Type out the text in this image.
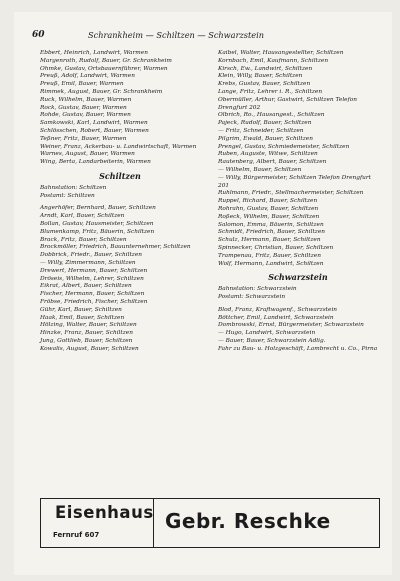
60	Schrankheim — Schiltzen — Schwarzstein
Ebbert, Heinrich, Landwirt, Warmen
Margenroth, Rudolf, Bauer, Gr. Schrankheim
Ohmke, Gustav, Ortsbauernführer, Warmen
Preuß, Adolf, Landwirt, Warmen
Preuß, Emil, Bauer, Warmen
Rimmek, August, Bauer, Gr. Schrankheim
Ruck, Wilhelm, Bauer, Warmen
Rock, Gustav, Bauer, Warmen
Rohde, Gustav, Bauer, Warmen
Samkowski, Karl, Landwirt, Warmen
Schlösschen, Robert, Bauer, Warmen
Teßner, Fritz, Bauer, Warmen
Weiner, Franz, Ackerbau- u. Landwirtschaft, Warmen
Warnes, August, Bauer, Warmen
Wing, Berta, Landarbeiterin, Warmen
Schiltzen
Bahnstation: Schiltzen
Postamt: Schiltzen
Angerhöfer, Bernhard, Bauer, Schiltzen
Arndt, Karl, Bauer, Schiltzen
Bollan, Gustav, Hausmeister, Schiltzen
Blumenkamp, Fritz, Bäuerin, Schiltzen
Brack, Fritz, Bauer, Schiltzen
Brockmöller, Friedrich, Bauunternehmer, Schiltzen
Dobbrick, Friedr., Bauer, Schiltzen
— Willy, Zimmermann, Schiltzen
Drewert, Hermann, Bauer, Schiltzen
Dröseis, Wilhelm, Lehrer, Schiltzen
Eikrat, Albert, Bauer, Schiltzen
Fischer, Hermann, Bauer, Schiltzen
Fröbse, Friedrich, Fischer, Schiltzen
Gühr, Karl, Bauer, Schiltzen
Haak, Emil, Bauer, Schiltzen
Hölzing, Walter, Bauer, Schiltzen
Hinzke, Franz, Bauer, Schiltzen
Jung, Gottlieb, Bauer, Schiltzen
Kowalis, August, Bauer, Schiltzen
Kaibel, Walter, Hausangestellter, Schiltzen
Kornbach, Emil, Kaufmann, Schiltzen
Kirsch, Ew., Landwirt, Schiltzen
Klein, Willy, Bauer, Schiltzen
Krebs, Gustav, Bauer, Schiltzen
Lange, Fritz, Lehrer i. R., Schiltzen
Obermüller, Arthur, Gastwirt, Schiltzen Telefon Drengfurt 202
Olbrich, Ro., Hausangest., Schiltzen
Pajeck, Rudolf, Bauer, Schiltzen
— Fritz, Schneider, Schiltzen
Pilgrim, Ewald, Bauer, Schiltzen
Prengel, Gustav, Schmiedemeister, Schiltzen
Ruben, Auguste, Witwe, Schiltzen
Rautenberg, Albert, Bauer, Schiltzen
— Wilhelm, Bauer, Schiltzen
— Willy, Bürgermeister, Schiltzen Telefon Drengfurt 201
Ruhlmann, Friedr., Stellmachermeister, Schiltzen
Ruppel, Richard, Bauer, Schiltzen
Rohrahn, Gustav, Bauer, Schiltzen
Roßeck, Wilhelm, Bauer, Schiltzen
Salomon, Emma, Bäuerin, Schiltzen
Schmidt, Friedrich, Bauer, Schiltzen
Schulz, Hermann, Bauer, Schiltzen
Spinnecker, Christian, Bauer, Schiltzen
Trampenau, Fritz, Bauer, Schiltzen
Wolf, Hermann, Landwirt, Schiltzen
Schwarzstein
Bahnstation: Schwarzstein
Postamt: Schwarzstein
Blod, Franz, Kraftwagenf., Schwarzstein
Böttcher, Emil, Landwirt, Schwarzstein
Dombrowski, Ernst, Bürgermeister, Schwarzstein
— Hugo, Landwirt, Schwarzstein
— Bauer, Bauer, Schwarzstein Adlig.
Fahr zu Bau- u. Holzgeschäft, Lambrecht u. Co., Pirna
Eisenhaus
Fernruf 607
Gebr. Reschke
